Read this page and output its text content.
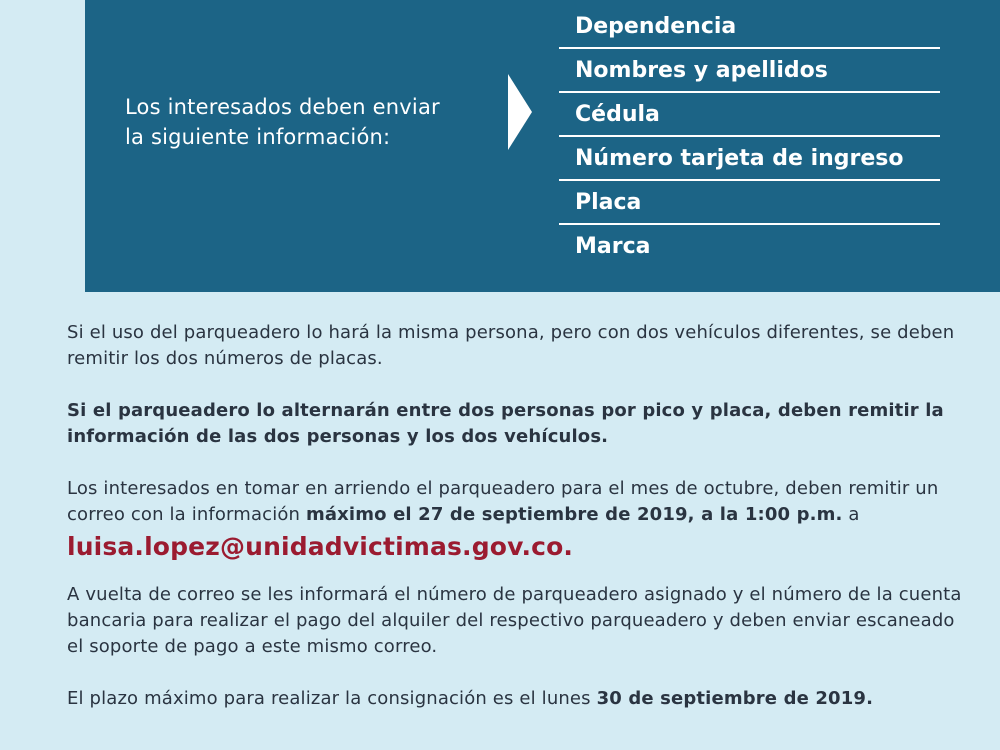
Los interesados deben enviar
la siguiente información:
Dependencia
Nombres y apellidos
Cédula
Número tarjeta de ingreso
Placa
Marca

Si el uso del parqueadero lo hará la misma persona, pero con dos vehículos diferentes, se deben remitir los dos números de placas.

Si el parqueadero lo alternarán entre dos personas por pico y placa, deben remitir la información de las dos personas y los dos vehículos.

Los interesados en tomar en arriendo el parqueadero para el mes de octubre, deben remitir un correo con la información máximo el 27 de septiembre de 2019, a la 1:00 p.m. a

luisa.lopez@unidadvictimas.gov.co.

A vuelta de correo se les informará el número de parqueadero asignado y el número de la cuenta bancaria para realizar el pago del alquiler del respectivo parqueadero y deben enviar escaneado el soporte de pago a este mismo correo.

El plazo máximo para realizar la consignación es el lunes 30 de septiembre de 2019.
